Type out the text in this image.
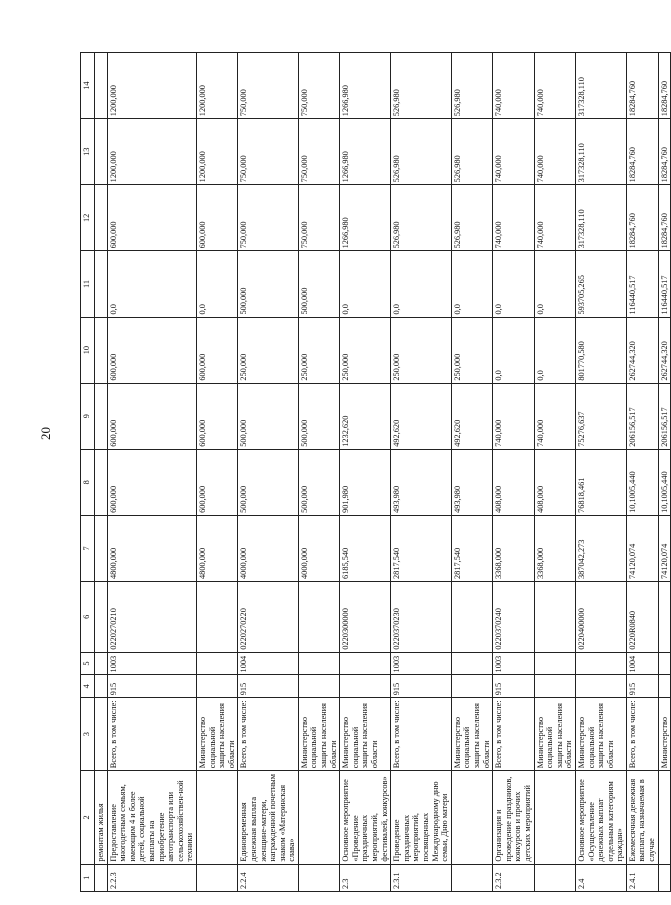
20
1	2	3	4	5	6	7	8	9	10	11	12	13	14
	ремонтам жилья												
2.2.3	Предоставление многодетным семьям, имеющим 4 и более детей, социальной выплаты на приобретение автотранспорта или сельскохозяйствен-ной техники	Всего, в том числе:	915	1003	0220270210	4800,000	600,000	600,000	600,000	0,0	600,000	1200,000	1200,000
		Министерство социальной защиты населения области				4800,000	600,000	600,000	600,000	0,0	600,000	1200,000	1200,000
2.2.4	Единовременная денежная выплата женщине-матери, награжденной почетным знаком «Материнская слава»	Всего, в том числе:	915	1004	0220270220	4000,000	500,000	500,000	250,000	500,000	750,000	750,000	750,000
		Министерство социальной защиты населения области				4000,000	500,000	500,000	250,000	500,000	750,000	750,000	750,000
2.3	Основное мероприятие «Проведение праздничных мероприятий, фестивалей, конкурсов»	Министерство социальной защиты населения области			0220300000	6185,540	901,980	1232,620	250,000	0,0	1266,980	1266,980	1266,980
2.3.1	Проведение праздничных мероприятий, посвященных Международному дню семьи, Дню матери	Всего, в том числе:	915	1003	0220370230	2817,540	493,980	492,620	250,000	0,0	526,980	526,980	526,980
		Министерство социальной защиты населения области				2817,540	493,980	492,620	250,000	0,0	526,980	526,980	526,980
2.3.2	Организация и проведение праздников, конкурсов и прочих детских мероприятий	Всего, в том числе:	915	1003	0220370240	3368,000	408,000	740,000	0,0	0,0	740,000	740,000	740,000
		Министерство социальной защиты населения области				3368,000	408,000	740,000	0,0	0,0	740,000	740,000	740,000
2.4	Основное мероприятие «Осуществление денежных выплат отдельным категориям граждан»	Министерство социальной защиты населения области			0220400000	387042,273	76818,461	75276,637	801770,580	593705,265	317328,110	317328,110	317328,110
2.4.1	Ежемесячная денежная выплата, назначаемая в случае	Всего, в том числе:	915	1004	0220R0840	74120,074	10,1005,440	206156,517	262744,320	116440,517	18284,760	18284,760	18284,760
		Министерство				74120,074	10,1005,440	206156,517	262744,320	116440,517	18284,760	18284,760	18284,760
